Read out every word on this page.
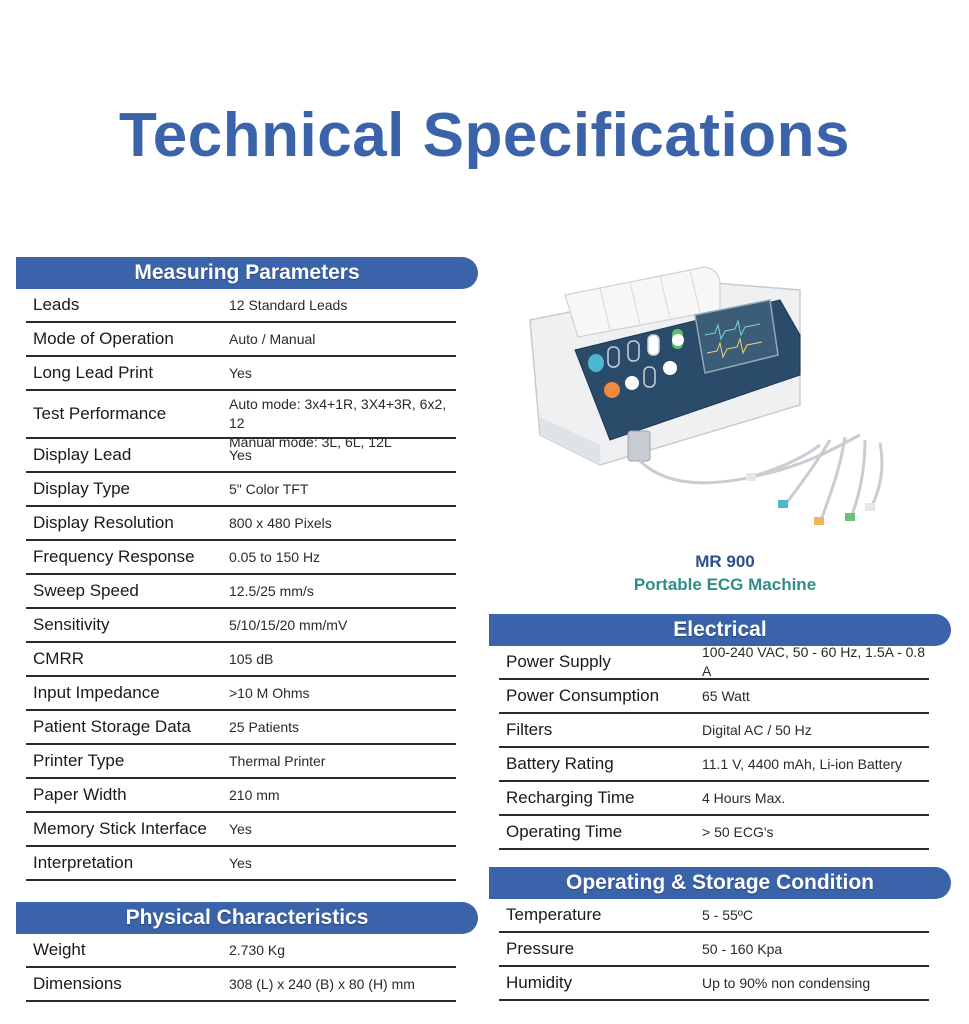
Technical Specifications
Measuring Parameters
Leads	12 Standard Leads
Mode of Operation	Auto / Manual
Long Lead Print	Yes
Test Performance	Auto mode: 3x4+1R, 3X4+3R, 6x2, 12
Manual mode: 3L, 6L, 12L
Display Lead	Yes
Display Type	5" Color TFT
Display Resolution	800 x 480 Pixels
Frequency Response	0.05 to 150 Hz
Sweep Speed	12.5/25 mm/s
Sensitivity	5/10/15/20 mm/mV
CMRR	105 dB
Input Impedance	>10 M Ohms
Patient Storage Data	25 Patients
Printer Type	Thermal Printer
Paper Width	210 mm
Memory Stick Interface	Yes
Interpretation	Yes
Physical Characteristics
Weight	2.730 Kg
Dimensions	308 (L) x 240 (B) x 80 (H) mm
MR 900
Portable ECG Machine
Electrical
Power Supply	100-240 VAC, 50 - 60 Hz, 1.5A - 0.8 A
Power Consumption	65 Watt
Filters	Digital AC / 50 Hz
Battery Rating	11.1 V, 4400 mAh, Li-ion Battery
Recharging Time	4 Hours Max.
Operating Time	> 50 ECG's
Operating & Storage Condition
Temperature	5 - 55ºC
Pressure	50 - 160 Kpa
Humidity	Up to 90% non condensing
